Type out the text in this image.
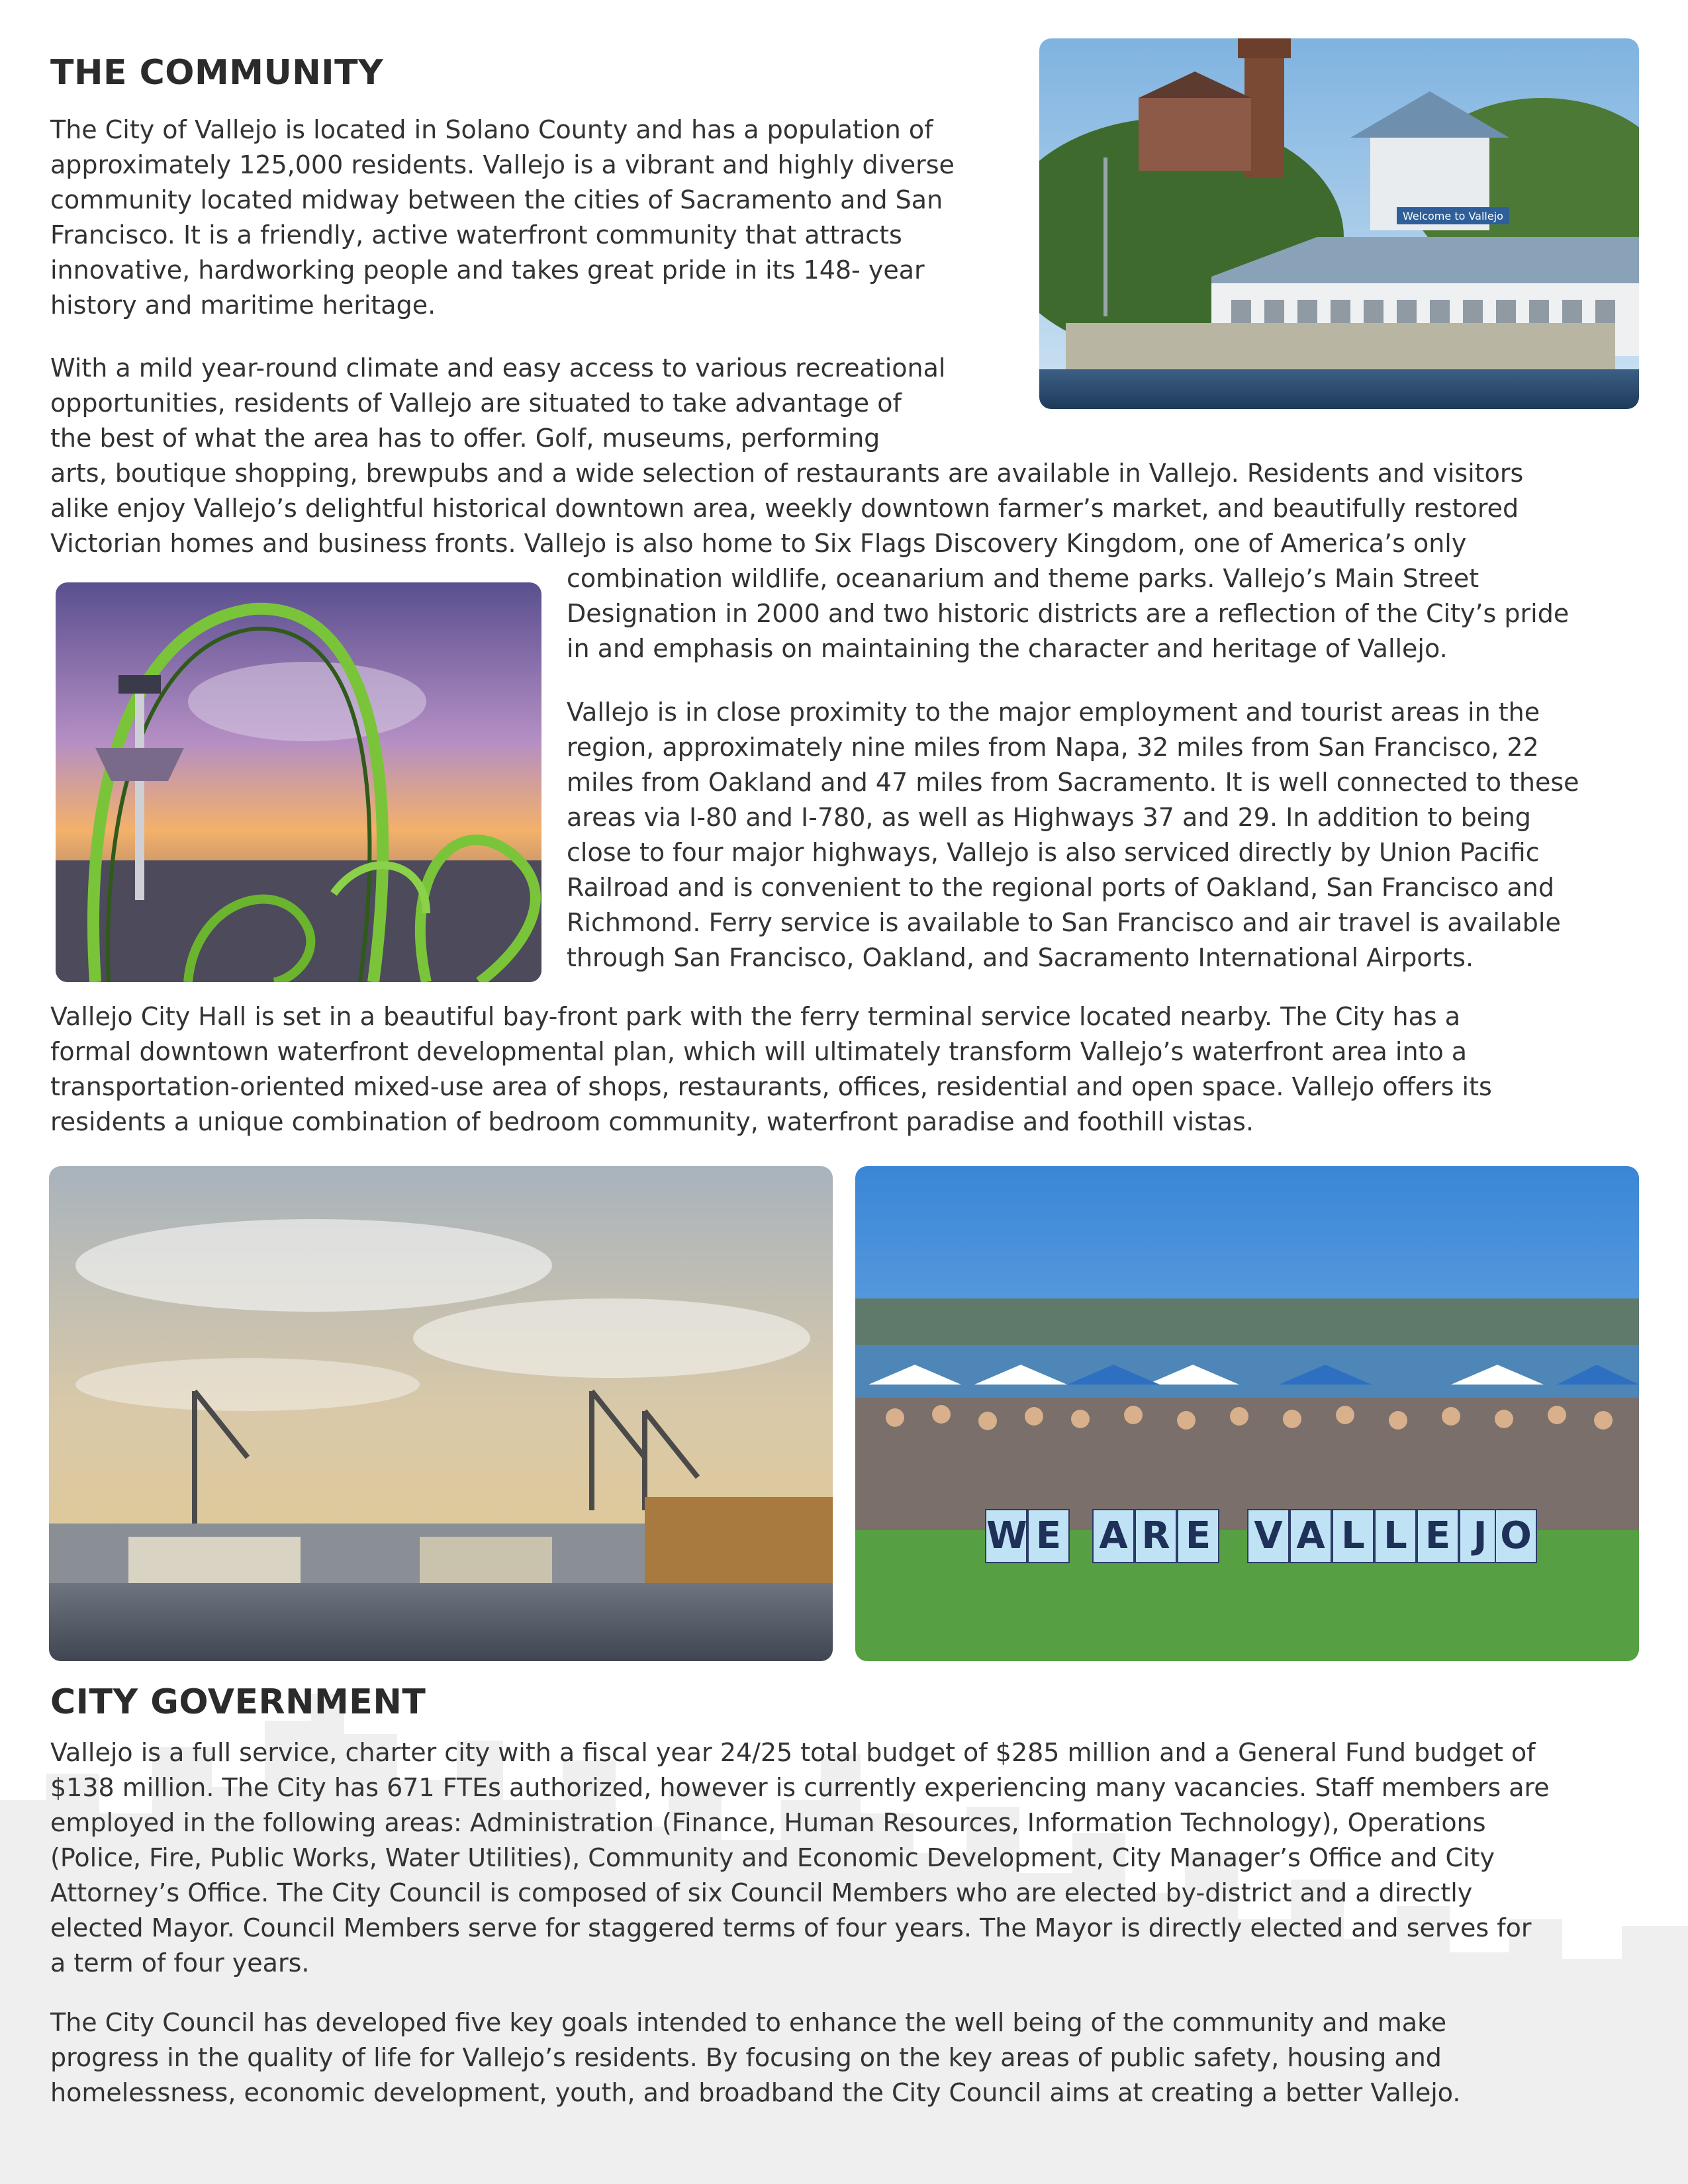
THE COMMUNITY
The City of Vallejo is located in Solano County and has a population of
approximately 125,000 residents. Vallejo is a vibrant and highly diverse
community located midway between the cities of Sacramento and San
Francisco. It is a friendly, active waterfront community that attracts
innovative, hardworking people and takes great pride in its 148- year
history and maritime heritage.
With a mild year-round climate and easy access to various recreational
opportunities, residents of Vallejo are situated to take advantage of
the best of what the area has to offer. Golf, museums, performing
arts, boutique shopping, brewpubs and a wide selection of restaurants are available in Vallejo. Residents and visitors
alike enjoy Vallejo’s delightful historical downtown area, weekly downtown farmer’s market, and beautifully restored
Victorian homes and business fronts. Vallejo is also home to Six Flags Discovery Kingdom, one of America’s only
combination wildlife, oceanarium and theme parks. Vallejo’s Main Street
Designation in 2000 and two historic districts are a reflection of the City’s pride
in and emphasis on maintaining the character and heritage of Vallejo.
Vallejo is in close proximity to the major employment and tourist areas in the
region, approximately nine miles from Napa, 32 miles from San Francisco, 22
miles from Oakland and 47 miles from Sacramento. It is well connected to these
areas via I-80 and I-780, as well as Highways 37 and 29. In addition to being
close to four major highways, Vallejo is also serviced directly by Union Pacific
Railroad and is convenient to the regional ports of Oakland, San Francisco and
Richmond. Ferry service is available to San Francisco and air travel is available
through San Francisco, Oakland, and Sacramento International Airports.
Vallejo City Hall is set in a beautiful bay-front park with the ferry terminal service located nearby. The City has a
formal downtown waterfront developmental plan, which will ultimately transform Vallejo’s waterfront area into a
transportation-oriented mixed-use area of shops, restaurants, offices, residential and open space. Vallejo offers its
residents a unique combination of bedroom community, waterfront paradise and foothill vistas.
Welcome to Vallejo
W E A R E V A L L E J O
CITY GOVERNMENT
Vallejo is a full service, charter city with a fiscal year 24/25 total budget of $285 million and a General Fund budget of
$138 million. The City has 671 FTEs authorized, however is currently experiencing many vacancies. Staff members are
employed in the following areas: Administration (Finance, Human Resources, Information Technology), Operations
(Police, Fire, Public Works, Water Utilities), Community and Economic Development, City Manager’s Office and City
Attorney’s Office. The City Council is composed of six Council Members who are elected by-district and a directly
elected Mayor. Council Members serve for staggered terms of four years. The Mayor is directly elected and serves for
a term of four years.
The City Council has developed five key goals intended to enhance the well being of the community and make
progress in the quality of life for Vallejo’s residents. By focusing on the key areas of public safety, housing and
homelessness, economic development, youth, and broadband the City Council aims at creating a better Vallejo.
